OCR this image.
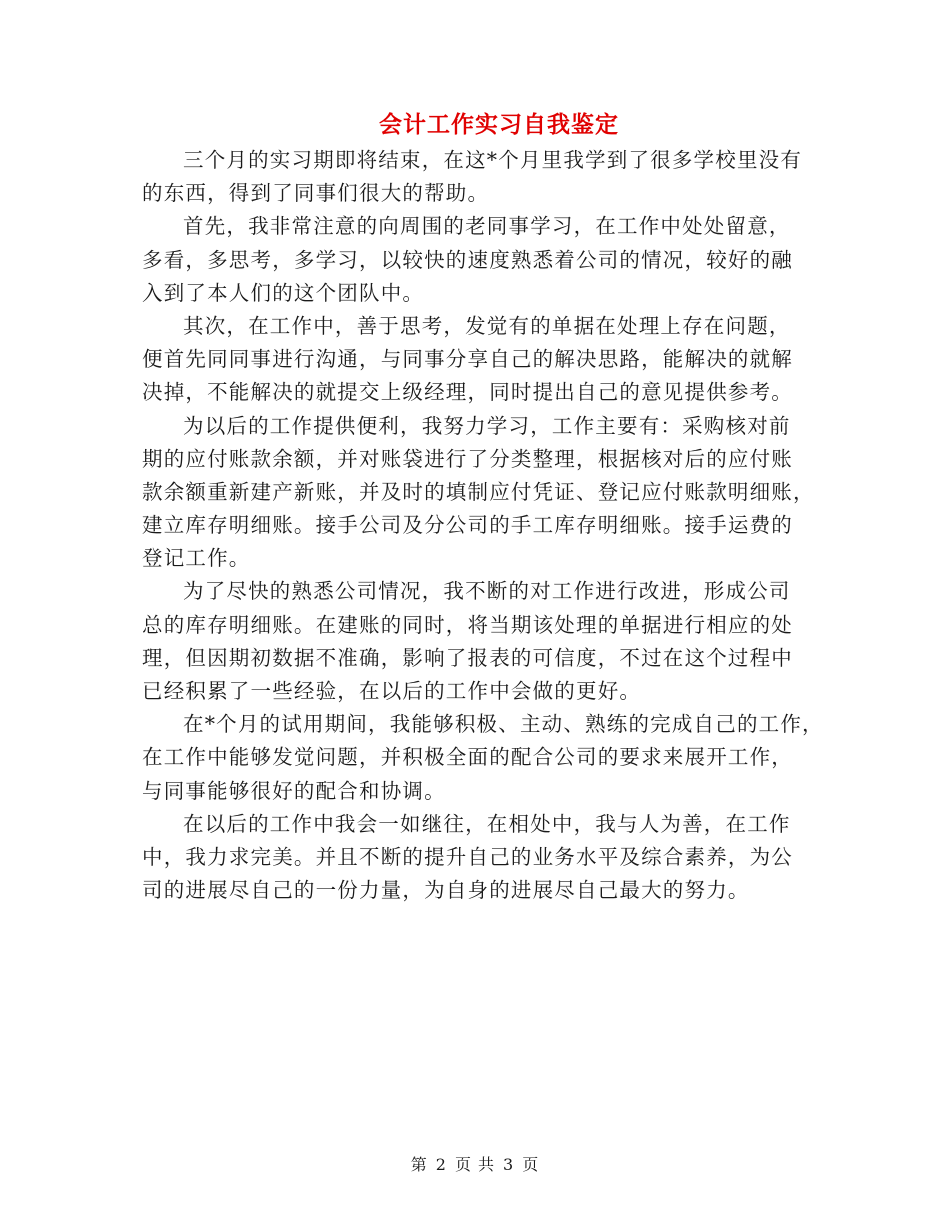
会计工作实习自我鉴定
三个月的实习期即将结束，在这*个月里我学到了很多学校里没有
的东西，得到了同事们很大的帮助。
首先，我非常注意的向周围的老同事学习，在工作中处处留意，
多看，多思考，多学习，以较快的速度熟悉着公司的情况，较好的融
入到了本人们的这个团队中。
其次，在工作中，善于思考，发觉有的单据在处理上存在问题，
便首先同同事进行沟通，与同事分享自己的解决思路，能解决的就解
决掉，不能解决的就提交上级经理，同时提出自己的意见提供参考。
为以后的工作提供便利，我努力学习，工作主要有：采购核对前
期的应付账款余额，并对账袋进行了分类整理，根据核对后的应付账
款余额重新建产新账，并及时的填制应付凭证、登记应付账款明细账，
建立库存明细账。接手公司及分公司的手工库存明细账。接手运费的
登记工作。
为了尽快的熟悉公司情况，我不断的对工作进行改进，形成公司
总的库存明细账。在建账的同时，将当期该处理的单据进行相应的处
理，但因期初数据不准确，影响了报表的可信度，不过在这个过程中
已经积累了一些经验，在以后的工作中会做的更好。
在*个月的试用期间，我能够积极、主动、熟练的完成自己的工作，
在工作中能够发觉问题，并积极全面的配合公司的要求来展开工作，
与同事能够很好的配合和协调。
在以后的工作中我会一如继往，在相处中，我与人为善，在工作
中，我力求完美。并且不断的提升自己的业务水平及综合素养，为公
司的进展尽自己的一份力量，为自身的进展尽自己最大的努力。
第 2 页 共 3 页
